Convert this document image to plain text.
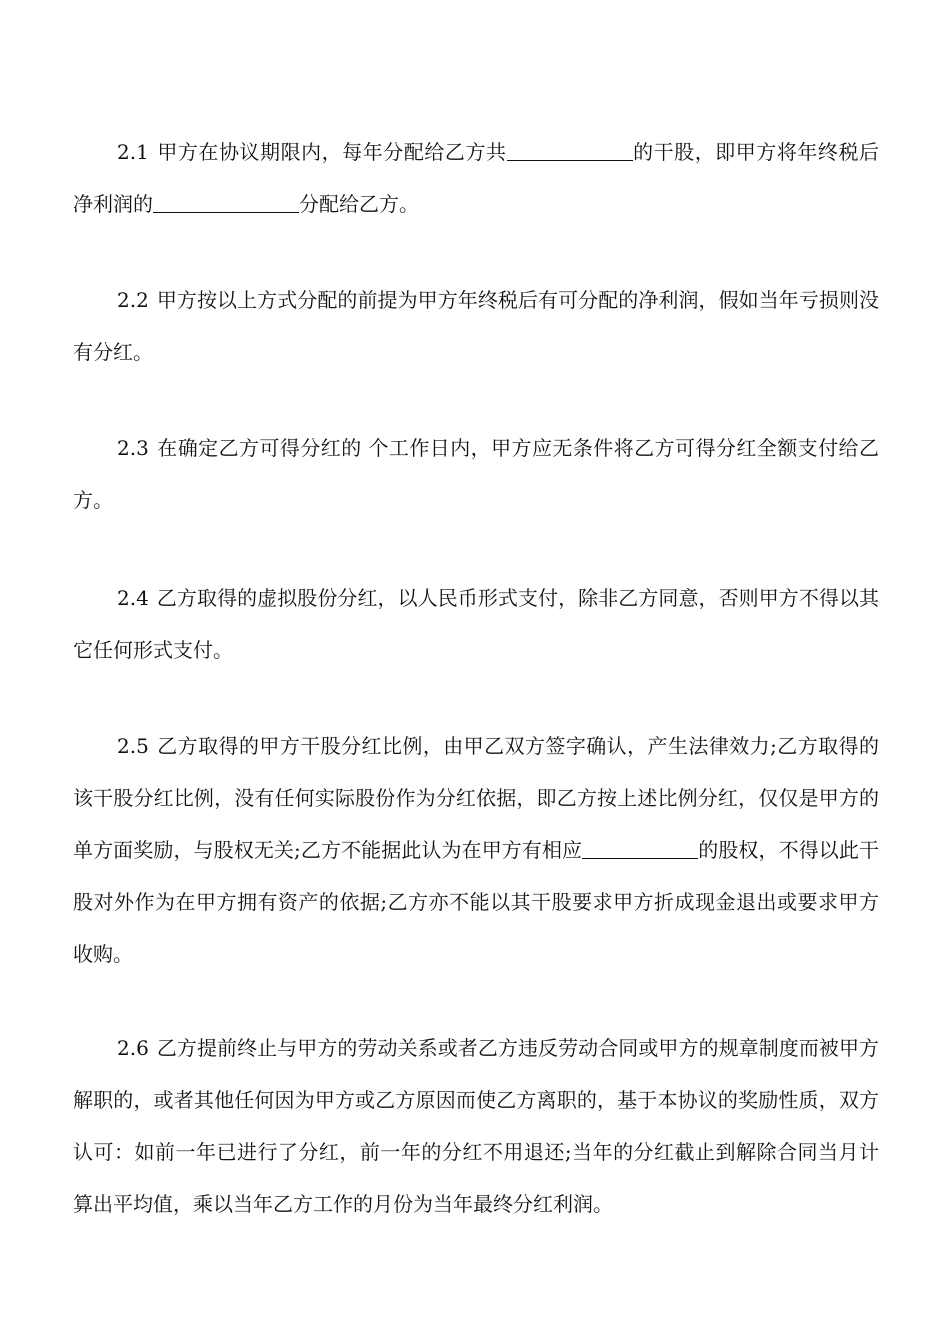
2.1 甲方在协议期限内，每年分配给乙方共	的干股，即甲方将年终税后净利润的	分配给乙方。

2.2 甲方按以上方式分配的前提为甲方年终税后有可分配的净利润，假如当年亏损则没有分红。

2.3 在确定乙方可得分红的 个工作日内，甲方应无条件将乙方可得分红全额支付给乙方。

2.4 乙方取得的虚拟股份分红，以人民币形式支付，除非乙方同意，否则甲方不得以其它任何形式支付。

2.5 乙方取得的甲方干股分红比例，由甲乙双方签字确认，产生法律效力;乙方取得的该干股分红比例，没有任何实际股份作为分红依据，即乙方按上述比例分红，仅仅是甲方的单方面奖励，与股权无关;乙方不能据此认为在甲方有相应	的股权，不得以此干股对外作为在甲方拥有资产的依据;乙方亦不能以其干股要求甲方折成现金退出或要求甲方收购。

2.6 乙方提前终止与甲方的劳动关系或者乙方违反劳动合同或甲方的规章制度而被甲方解职的，或者其他任何因为甲方或乙方原因而使乙方离职的，基于本协议的奖励性质，双方认可：如前一年已进行了分红，前一年的分红不用退还;当年的分红截止到解除合同当月计算出平均值，乘以当年乙方工作的月份为当年最终分红利润。
